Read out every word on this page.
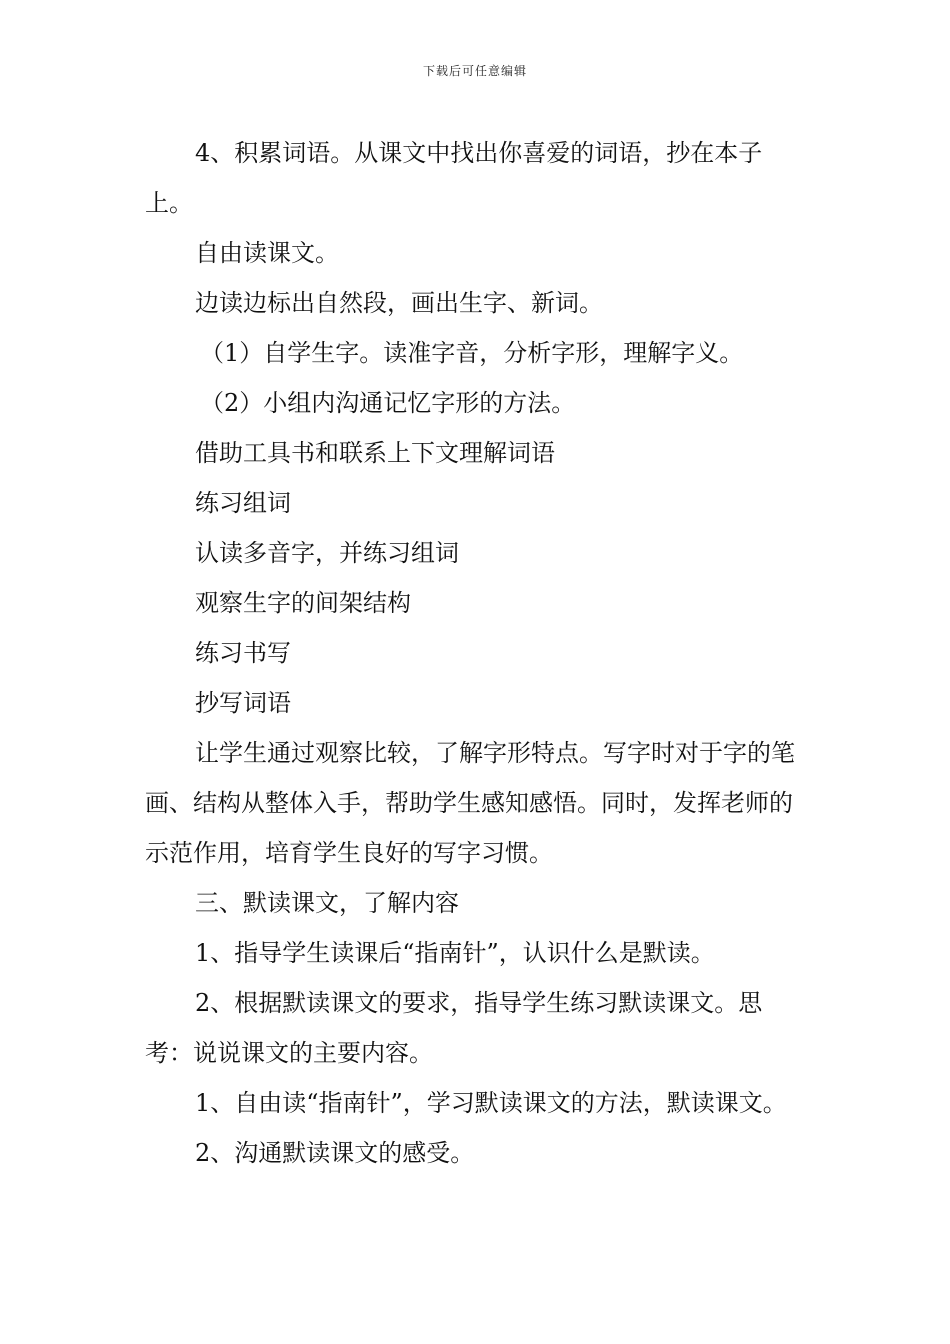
下载后可任意编辑

4、积累词语。从课文中找出你喜爱的词语，抄在本子上。

自由读课文。

边读边标出自然段，画出生字、新词。

（1）自学生字。读准字音，分析字形，理解字义。

（2）小组内沟通记忆字形的方法。

借助工具书和联系上下文理解词语

练习组词

认读多音字，并练习组词

观察生字的间架结构

练习书写

抄写词语

让学生通过观察比较，了解字形特点。写字时对于字的笔画、结构从整体入手，帮助学生感知感悟。同时，发挥老师的示范作用，培育学生良好的写字习惯。

三、默读课文，了解内容

1、指导学生读课后“指南针”，认识什么是默读。

2、根据默读课文的要求，指导学生练习默读课文。思考：说说课文的主要内容。

1、自由读“指南针”，学习默读课文的方法，默读课文。

2、沟通默读课文的感受。
